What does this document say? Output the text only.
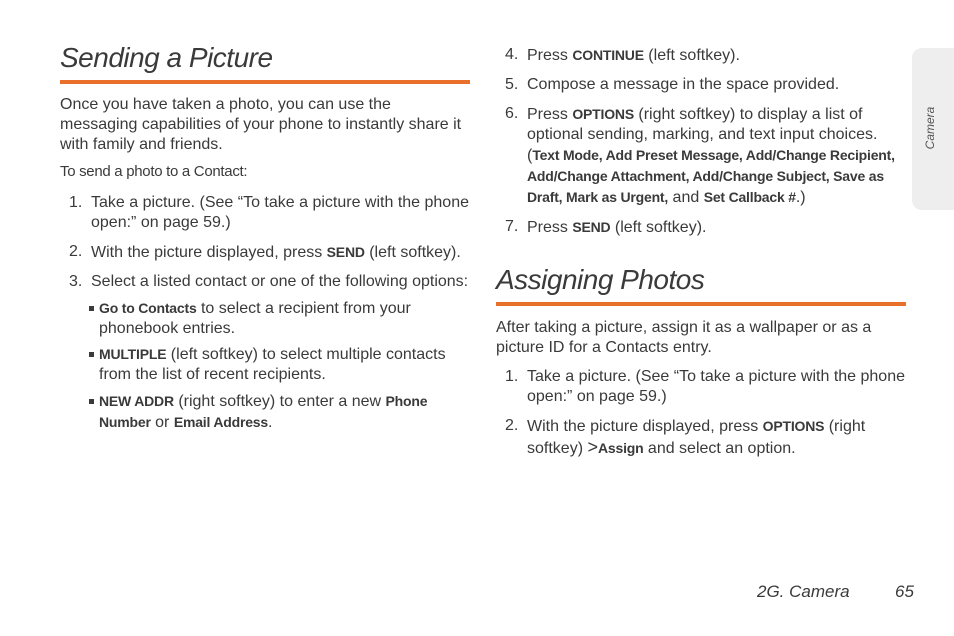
Camera
Sending a Picture

Once you have taken a photo, you can use the messaging capabilities of your phone to instantly share it with family and friends.

To send a photo to a Contact:

1. Take a picture. (See “To take a picture with the phone open:” on page 59.)
2. With the picture displayed, press SEND (left softkey).
3. Select a listed contact or one of the following options:
Go to Contacts to select a recipient from your phonebook entries.
MULTIPLE (left softkey) to select multiple contacts from the list of recent recipients.
NEW ADDR (right softkey) to enter a new Phone Number or Email Address.
4. Press CONTINUE (left softkey).
5. Compose a message in the space provided.
6. Press OPTIONS (right softkey) to display a list of optional sending, marking, and text input choices. (Text Mode, Add Preset Message, Add/Change Recipient, Add/Change Attachment, Add/Change Subject, Save as Draft, Mark as Urgent, and Set Callback #.)
7. Press SEND (left softkey).
Assigning Photos

After taking a picture, assign it as a wallpaper or as a picture ID for a Contacts entry.

1. Take a picture. (See “To take a picture with the phone open:” on page 59.)
2. With the picture displayed, press OPTIONS (right softkey) >Assign and select an option.
2G. Camera	65
